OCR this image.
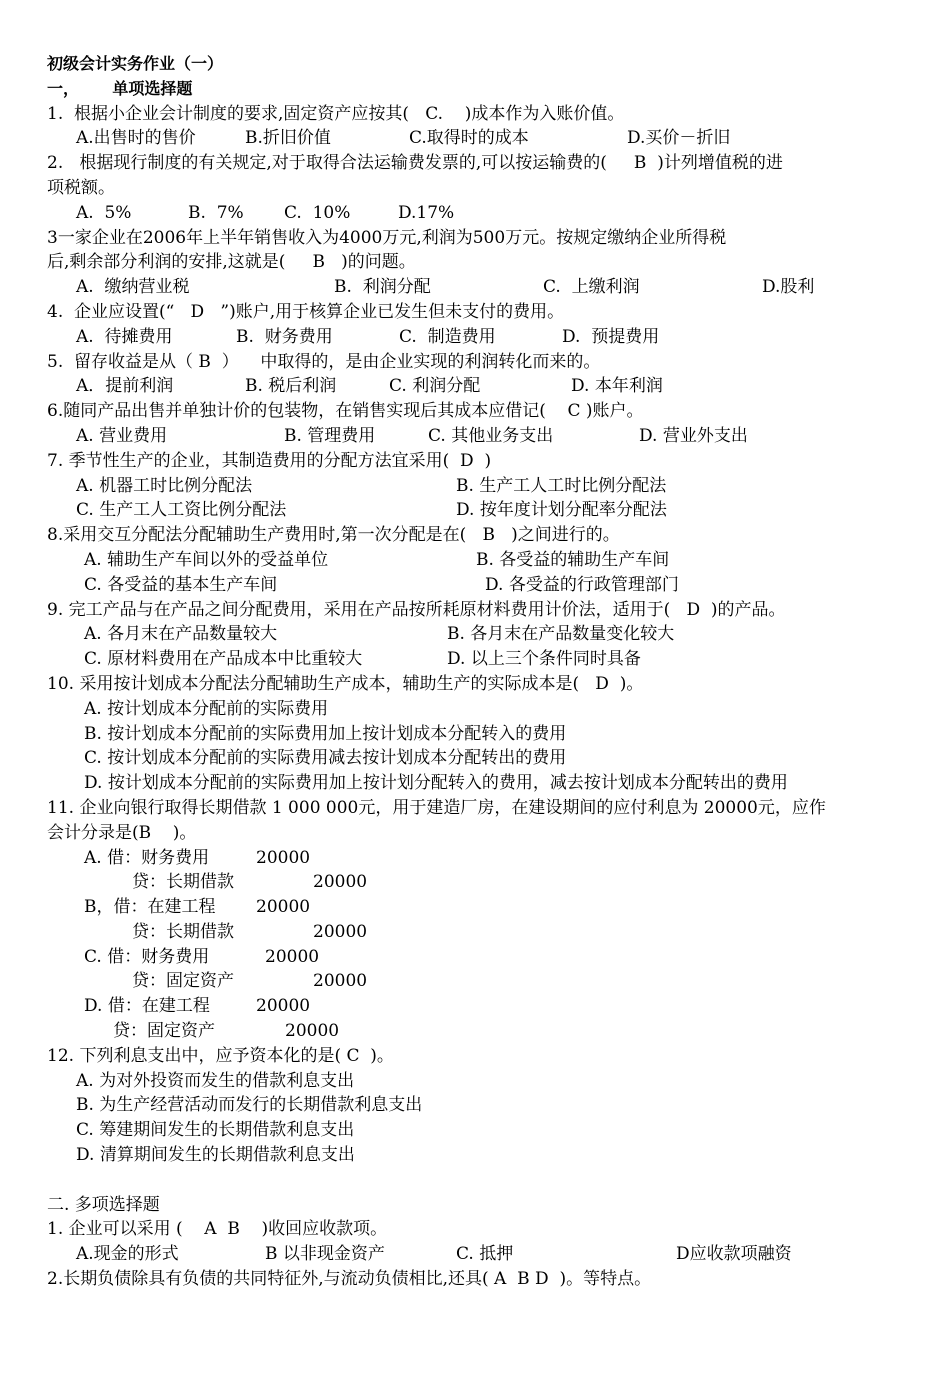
初级会计实务作业（一）
一，      单项选择题
1.  根据小企业会计制度的要求,固定资产应按其(   C.    )成本作为入账价值。

A.出售时的售价

	B.折旧价值

	C.取得时的成本

	D.买价－折旧

2.   根据现行制度的有关规定,对于取得合法运输费发票的,可以按运输费的(     B  )计列增值税的进
项税额。

A.  5%

	B.  7%

C.  10%

	D.17%

3一家企业在2006年上半年销售收入为4000万元,利润为500万元。按规定缴纳企业所得税
后,剩余部分利润的安排,这就是(     B   )的问题。

A.  缴纳营业税

	B.  利润分配

	C.  上缴利润

	D.股利

4.  企业应设置(“   D   ”)账户,用于核算企业已发生但未支付的费用。

A.  待摊费用

	B.  财务费用

	C.  制造费用

	D.  预提费用

5.  留存收益是从（ B  ）    中取得的，是由企业实现的利润转化而来的。

A．提前利润

	B. 税后利润

	C. 利润分配

	D. 本年利润

6.随同产品出售并单独计价的包装物，在销售实现后其成本应借记(    C )账户。

A. 营业费用

	B. 管理费用

	C. 其他业务支出

	D. 营业外支出

7. 季节性生产的企业，其制造费用的分配方法宜采用(  D  )

A. 机器工时比例分配法

	B. 生产工人工时比例分配法

C. 生产工人工资比例分配法

	D. 按年度计划分配率分配法

8.采用交互分配法分配辅助生产费用时,第一次分配是在(   B   )之间进行的。

A. 辅助生产车间以外的受益单位

	B. 各受益的辅助生产车间

C. 各受益的基本生产车间

	D. 各受益的行政管理部门

9. 完工产品与在产品之间分配费用，采用在产品按所耗原材料费用计价法，适用于(   D  )的产品。

A. 各月末在产品数量较大

	B. 各月末在产品数量变化较大

C. 原材料费用在产品成本中比重较大

	D. 以上三个条件同时具备

10. 采用按计划成本分配法分配辅助生产成本，辅助生产的实际成本是(   D  )。
A. 按计划成本分配前的实际费用
B. 按计划成本分配前的实际费用加上按计划成本分配转入的费用
C. 按计划成本分配前的实际费用减去按计划成本分配转出的费用
D. 按计划成本分配前的实际费用加上按计划分配转入的费用，减去按计划成本分配转出的费用
11. 企业向银行取得长期借款 1 000 000元，用于建造厂房，在建设期间的应付利息为 20000元，应作
会计分录是(B    )。

A. 借：财务费用

	20000

贷：长期借款

	20000

B，借：在建工程

20000

贷：长期借款

	20000

C. 借：财务费用

	20000

贷：固定资产

	20000

D. 借：在建工程

	20000

贷：固定资产

	20000

12. 下列利息支出中，应予资本化的是( C  )。
A. 为对外投资而发生的借款利息支出
B. 为生产经营活动而发行的长期借款利息支出
C. 筹建期间发生的长期借款利息支出
D. 清算期间发生的长期借款利息支出
二. 多项选择题
1. 企业可以采用 (    A  B    )收回应收款项。

A.现金的形式

	B 以非现金资产

	C. 抵押

	D应收款项融资

2.长期负债除具有负债的共同特征外,与流动负债相比,还具( A  B D  )。等特点。
